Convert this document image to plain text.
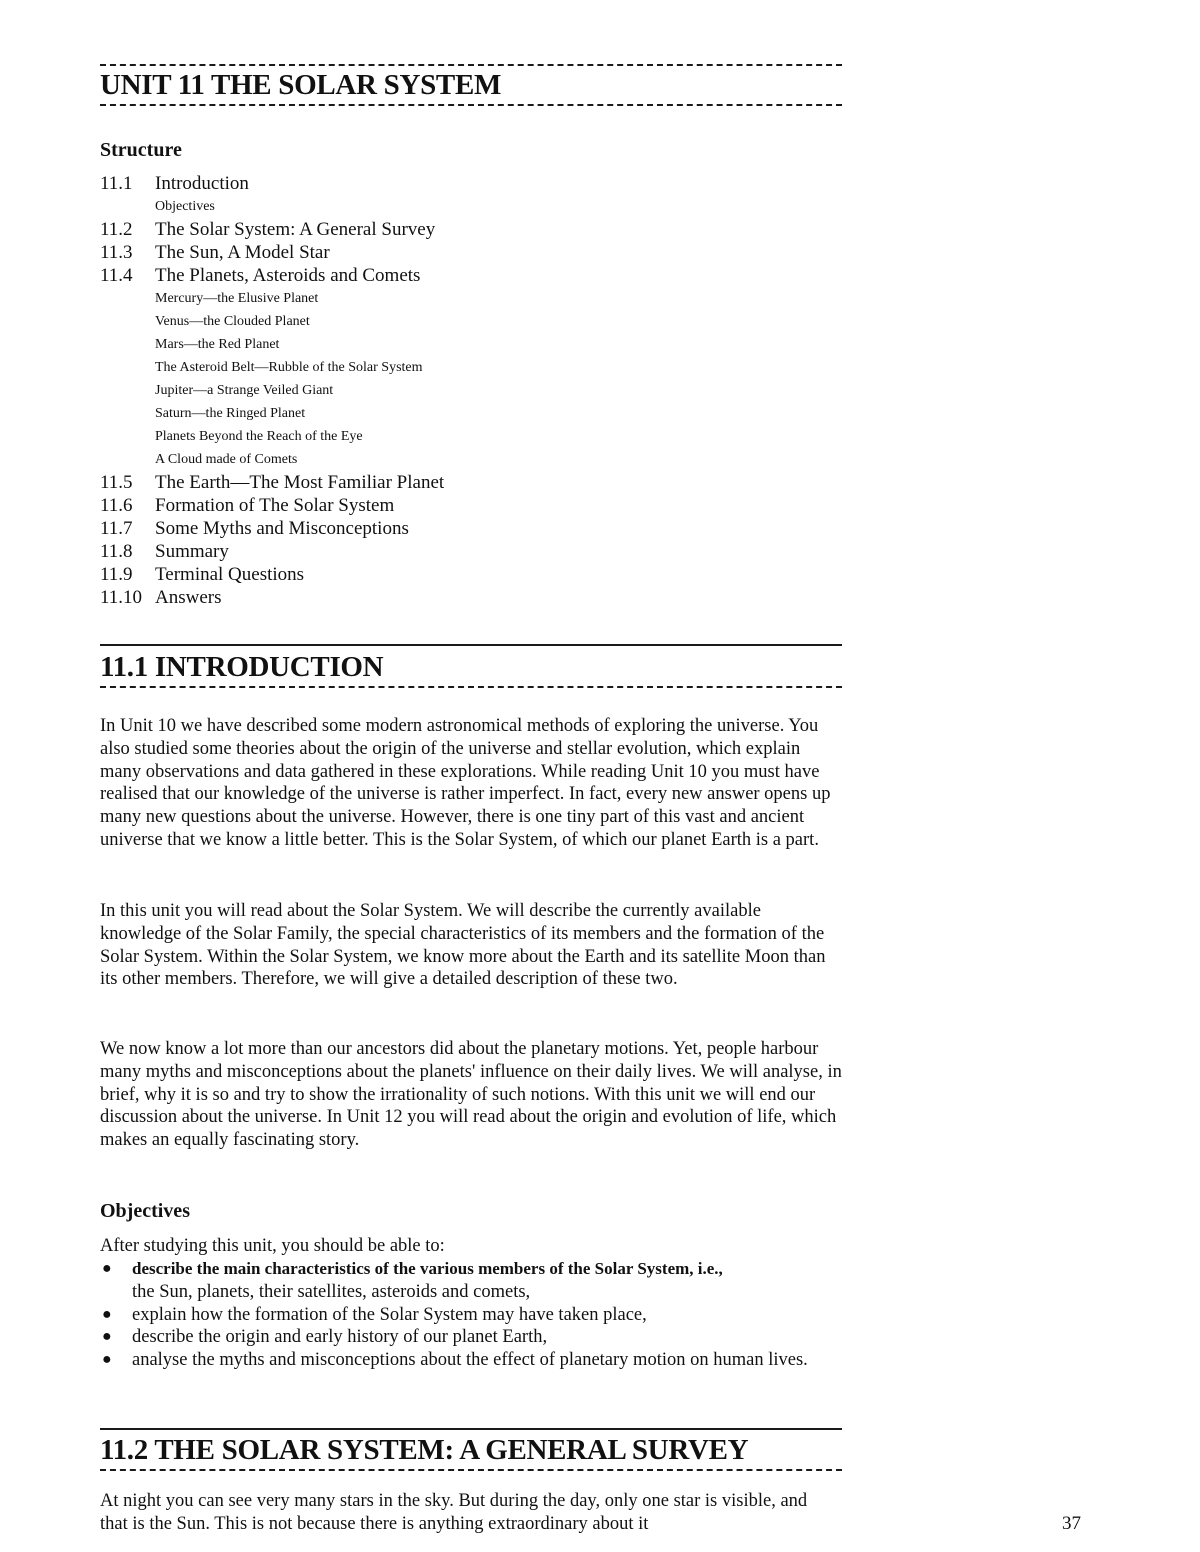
UNIT 11 THE SOLAR SYSTEM
Structure
11.1	Introduction
Objectives
11.2	The Solar System: A General Survey
11.3	The Sun, A Model Star
11.4	The Planets, Asteroids and Comets
Mercury—the Elusive Planet
Venus—the Clouded Planet
Mars—the Red Planet
The Asteroid Belt—Rubble of the Solar System
Jupiter—a Strange Veiled Giant
Saturn—the Ringed Planet
Planets Beyond the Reach of the Eye
A Cloud made of Comets
11.5	The Earth—The Most Familiar Planet
11.6	Formation of The Solar System
11.7	Some Myths and Misconceptions
11.8	Summary
11.9	Terminal Questions
11.10 Answers
11.1 INTRODUCTION

In Unit 10 we have described some modern astronomical methods of exploring the universe. You also studied some theories about the origin of the universe and stellar evolution, which explain many observations and data gathered in these explorations. While reading Unit 10 you must have realised that our knowledge of the universe is rather imperfect. In fact, every new answer opens up many new questions about the universe. However, there is one tiny part of this vast and ancient universe that we know a little better. This is the Solar System, of which our planet Earth is a part.

In this unit you will read about the Solar System. We will describe the currently available knowledge of the Solar Family, the special characteristics of its members and the formation of the Solar System. Within the Solar System, we know more about the Earth and its satellite Moon than its other members. Therefore, we will give a detailed description of these two.

We now know a lot more than our ancestors did about the planetary motions. Yet, people harbour many myths and misconceptions about the planets' influence on their daily lives. We will analyse, in brief, why it is so and try to show the irrationality of such notions. With this unit we will end our discussion about the universe. In Unit 12 you will read about the origin and evolution of life, which makes an equally fascinating story.

Objectives

After studying this unit, you should be able to:

● describe the main characteristics of the various members of the Solar System, i.e.,
the Sun, planets, their satellites, asteroids and comets,
● explain how the formation of the Solar System may have taken place,
● describe the origin and early history of our planet Earth,
● analyse the myths and misconceptions about the effect of planetary motion on human lives.
11.2 THE SOLAR SYSTEM: A GENERAL SURVEY

At night you can see very many stars in the sky. But during the day, only one star is visible, and that is the Sun. This is not because there is anything extraordinary about it	37
